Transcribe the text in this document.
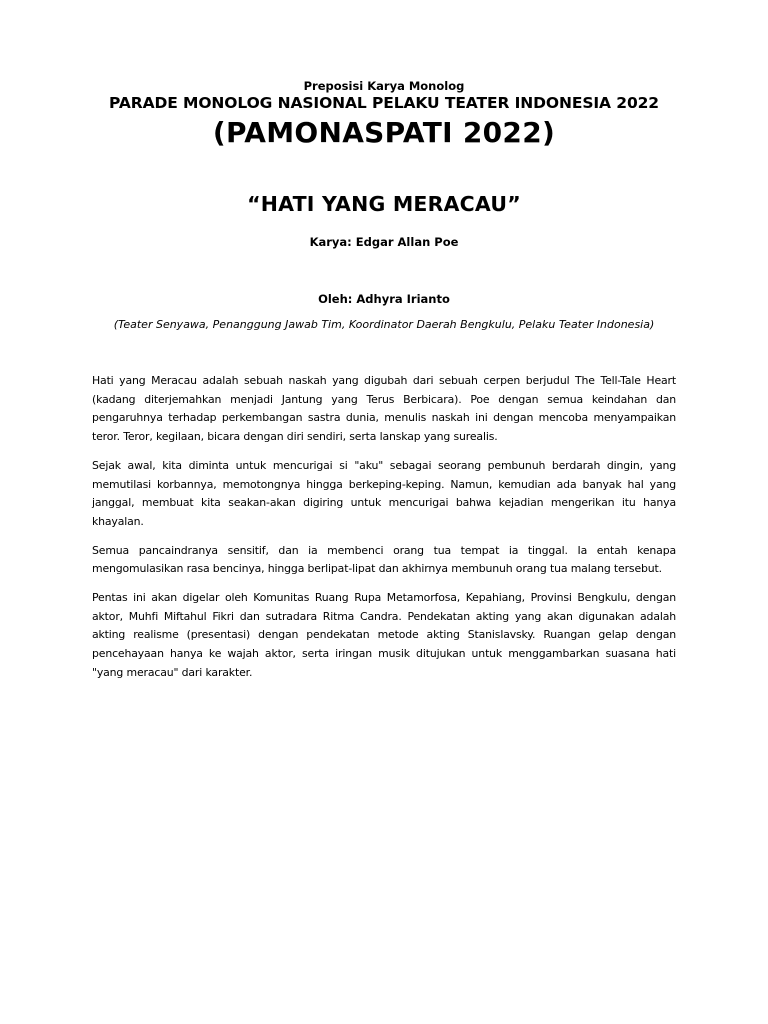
Preposisi Karya Monolog

PARADE MONOLOG NASIONAL PELAKU TEATER INDONESIA 2022

(PAMONASPATI 2022)

“HATI YANG MERACAU”

Karya: Edgar Allan Poe

Oleh: Adhyra Irianto

(Teater Senyawa, Penanggung Jawab Tim, Koordinator Daerah Bengkulu, Pelaku Teater Indonesia)

Hati yang Meracau adalah sebuah naskah yang digubah dari sebuah cerpen berjudul The Tell-Tale Heart (kadang diterjemahkan menjadi Jantung yang Terus Berbicara). Poe dengan semua keindahan dan pengaruhnya terhadap perkembangan sastra dunia, menulis naskah ini dengan mencoba menyampaikan teror. Teror, kegilaan, bicara dengan diri sendiri, serta lanskap yang surealis.

Sejak awal, kita diminta untuk mencurigai si "aku" sebagai seorang pembunuh berdarah dingin, yang memutilasi korbannya, memotongnya hingga berkeping-keping. Namun, kemudian ada banyak hal yang janggal, membuat kita seakan-akan digiring untuk mencurigai bahwa kejadian mengerikan itu hanya khayalan.

Semua pancaindranya sensitif, dan ia membenci orang tua tempat ia tinggal. Ia entah kenapa mengomulasikan rasa bencinya, hingga berlipat-lipat dan akhirnya membunuh orang tua malang tersebut.

Pentas ini akan digelar oleh Komunitas Ruang Rupa Metamorfosa, Kepahiang, Provinsi Bengkulu, dengan aktor, Muhfi Miftahul Fikri dan sutradara Ritma Candra. Pendekatan akting yang akan digunakan adalah akting realisme (presentasi) dengan pendekatan metode akting Stanislavsky. Ruangan gelap dengan pencehayaan hanya ke wajah aktor, serta iringan musik ditujukan untuk menggambarkan suasana hati "yang meracau" dari karakter.
